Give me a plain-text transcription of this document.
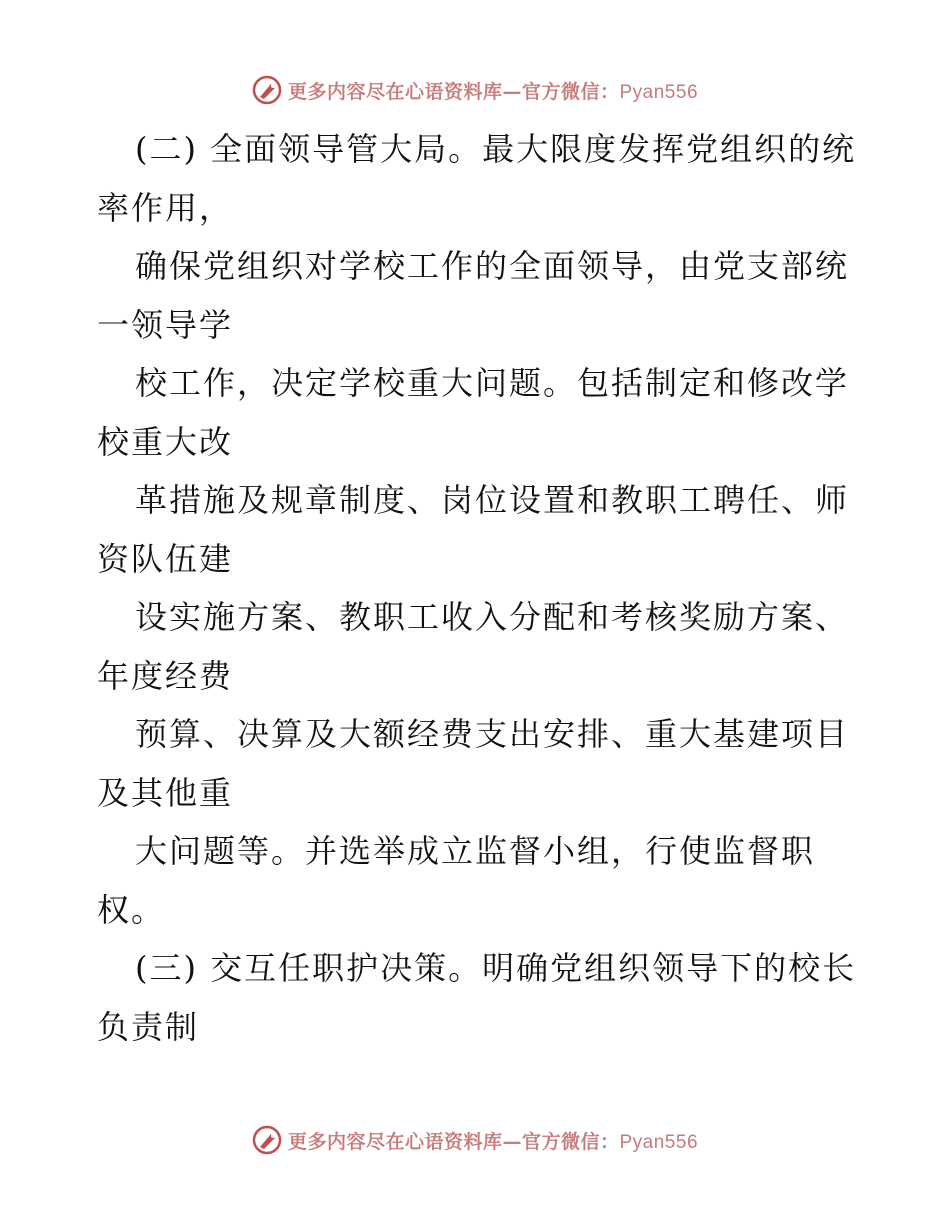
更多内容尽在心语资料库—官方微信：Pyan556
(二) 全面领导管大局。最大限度发挥党组织的统
率作用，
确保党组织对学校工作的全面领导，由党支部统
一领导学
校工作，决定学校重大问题。包括制定和修改学
校重大改
革措施及规章制度、岗位设置和教职工聘任、师
资队伍建
设实施方案、教职工收入分配和考核奖励方案、
年度经费
预算、决算及大额经费支出安排、重大基建项目
及其他重
大问题等。并选举成立监督小组，行使监督职
权。
(三) 交互任职护决策。明确党组织领导下的校长
负责制
更多内容尽在心语资料库—官方微信：Pyan556
